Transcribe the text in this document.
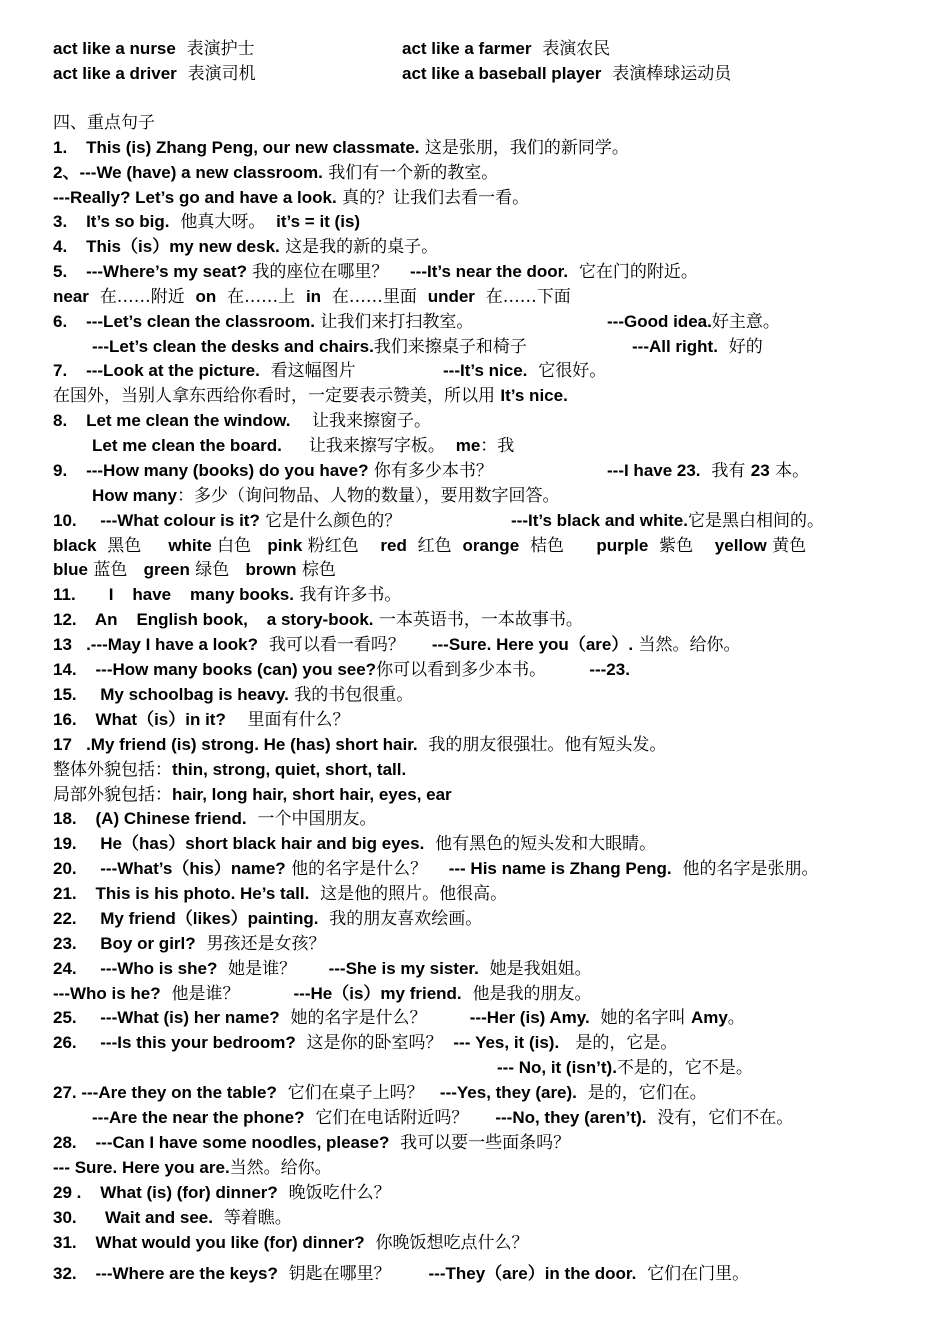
act like a nurse  表演护士	act like a farmer  表演农民
act like a driver  表演司机	act like a baseball player  表演棒球运动员
四、重点句子
1.    This (is) Zhang Peng, our new classmate. 这是张朋，我们的新同学。
2、---We (have) a new classroom. 我们有一个新的教室。
---Really? Let’s go and have a look. 真的？让我们去看一看。
3.    It’s so big.  他真大呀。  it’s = it (is)
4.    This（is）my new desk. 这是我的新的桌子。
5.    ---Where’s my seat? 我的座位在哪里？    ---It’s near the door.  它在门的附近。
near  在……附近  on  在……上  in  在……里面  under  在……下面
6.    ---Let’s clean the classroom. 让我们来打扫教室。	---Good idea.好主意。
---Let’s clean the desks and chairs.我们来擦桌子和椅子	---All right.  好的
7.    ---Look at the picture.  看这幅图片	---It’s nice.  它很好。
在国外，当别人拿东西给你看时，一定要表示赞美，所以用 It’s nice.
8.    Let me clean the window.    让我来擦窗子。
Let me clean the board.     让我来擦写字板。  me：我
9.    ---How many (books) do you have? 你有多少本书？	---I have 23.  我有 23 本。
How many：多少（询问物品、人物的数量），要用数字回答。
10.     ---What colour is it? 它是什么颜色的？	---It’s black and white.它是黑白相间的。
black  黑色     white 白色   pink 粉红色    red  红色  orange  桔色      purple  紫色    yellow 黄色
blue 蓝色   green 绿色   brown 棕色
11.       I    have    many books. 我有许多书。
12.    An    English book,    a story-book. 一本英语书，一本故事书。
13   .---May I have a look?  我可以看一看吗？     ---Sure. Here you（are）. 当然。给你。
14.    ---How many books (can) you see?你可以看到多少本书。        ---23.
15.     My schoolbag is heavy. 我的书包很重。
16.    What（is）in it?    里面有什么？
17   .My friend (is) strong. He (has) short hair.  我的朋友很强壮。他有短头发。
整体外貌包括：thin, strong, quiet, short, tall.
局部外貌包括：hair, long hair, short hair, eyes, ear
18.    (A) Chinese friend.  一个中国朋友。
19.     He（has）short black hair and big eyes.  他有黑色的短头发和大眼睛。
20.     ---What’s（his）name? 他的名字是什么？    --- His name is Zhang Peng.  他的名字是张朋。
21.    This is his photo. He’s tall.  这是他的照片。他很高。
22.     My friend（likes）painting.  我的朋友喜欢绘画。
23.     Boy or girl?  男孩还是女孩？
24.     ---Who is she?  她是谁？      ---She is my sister.  她是我姐姐。
---Who is he?  他是谁？          ---He（is）my friend.  他是我的朋友。
25.     ---What (is) her name?  她的名字是什么？        ---Her (is) Amy.  她的名字叫 Amy。
26.     ---Is this your bedroom?  这是你的卧室吗？  --- Yes, it (is).   是的，它是。
--- No, it (isn’t).不是的，它不是。
27. ---Are they on the table?  它们在桌子上吗？   ---Yes, they (are).  是的，它们在。
---Are the near the phone?  它们在电话附近吗？     ---No, they (aren’t).  没有，它们不在。
28.    ---Can I have some noodles, please?  我可以要一些面条吗？
--- Sure. Here you are.当然。给你。
29 .    What (is) (for) dinner?  晚饭吃什么？
30.      Wait and see.  等着瞧。
31.    What would you like (for) dinner?  你晚饭想吃点什么？
32.    ---Where are the keys?  钥匙在哪里？       ---They（are）in the door.  它们在门里。
